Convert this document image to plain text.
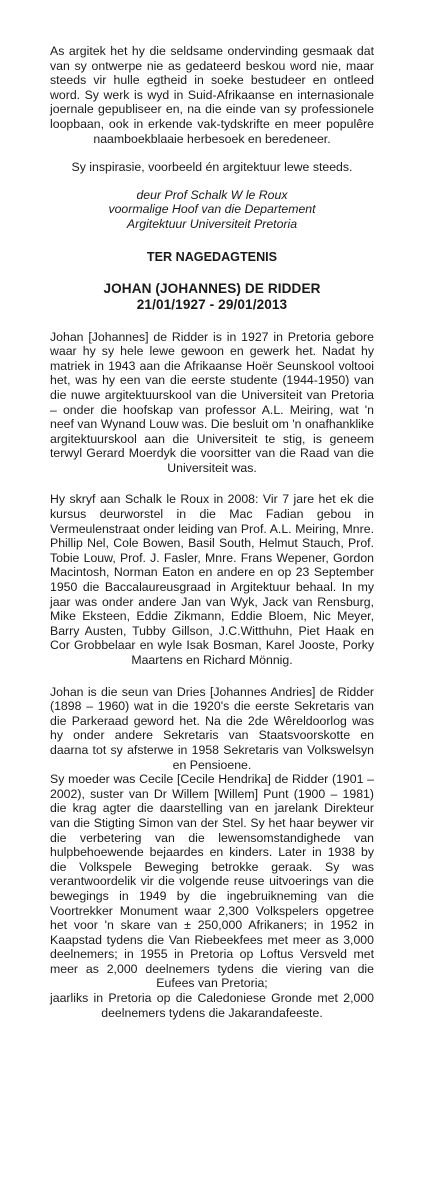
As argitek het hy die seldsame ondervinding gesmaak dat van sy ontwerpe nie as gedateerd beskou word nie, maar steeds vir hulle egtheid in soeke bestudeer en ontleed word. Sy werk is wyd in Suid-Afrikaanse en internasionale joernale gepubliseer en, na die einde van sy professionele loopbaan, ook in erkende vak-tydskrifte en meer populêre naamboekblaaie herbesoek en beredeneer.

Sy inspirasie, voorbeeld én argitektuur lewe steeds.

deur Prof Schalk W le Roux
voormalige Hoof van die Departement
Argitektuur Universiteit Pretoria
TER NAGEDAGTENIS
JOHAN (JOHANNES) DE RIDDER
21/01/1927 - 29/01/2013

Johan [Johannes] de Ridder is in 1927 in Pretoria gebore waar hy sy hele lewe gewoon en gewerk het. Nadat hy matriek in 1943 aan die Afrikaanse Hoër Seunskool voltooi het, was hy een van die eerste studente (1944-1950) van die nuwe argitektuurskool van die Universiteit van Pretoria – onder die hoofskap van professor A.L. Meiring, wat 'n neef van Wynand Louw was. Die besluit om 'n onafhanklike argitektuurskool aan die Universiteit te stig, is geneem terwyl Gerard Moerdyk die voorsitter van die Raad van die Universiteit was.

Hy skryf aan Schalk le Roux in 2008: Vir 7 jare het ek die kursus deurworstel in die Mac Fadian gebou in Vermeulenstraat onder leiding van Prof. A.L. Meiring, Mnre. Phillip Nel, Cole Bowen, Basil South, Helmut Stauch, Prof. Tobie Louw, Prof. J. Fasler, Mnre. Frans Wepener, Gordon Macintosh, Norman Eaton en andere en op 23 September 1950 die Baccalaureusgraad in Argitektuur behaal. In my jaar was onder andere Jan van Wyk, Jack van Rensburg, Mike Eksteen, Eddie Zikmann, Eddie Bloem, Nic Meyer, Barry Austen, Tubby Gillson, J.C.Witthuhn, Piet Haak en Cor Grobbelaar en wyle Isak Bosman, Karel Jooste, Porky Maartens en Richard Mönnig.

Johan is die seun van Dries [Johannes Andries] de Ridder (1898 – 1960) wat in die 1920's die eerste Sekretaris van die Parkeraad geword het. Na die 2de Wêreldoorlog was hy onder andere Sekretaris van Staatsvoorskotte en daarna tot sy afsterwe in 1958 Sekretaris van Volkswelsyn en Pensioene.

Sy moeder was Cecile [Cecile Hendrika] de Ridder (1901 – 2002), suster van Dr Willem [Willem] Punt (1900 – 1981) die krag agter die daarstelling van en jarelank Direkteur van die Stigting Simon van der Stel. Sy het haar beywer vir die verbetering van die lewensomstandighede van hulpbehoewende bejaardes en kinders. Later in 1938 by die Volkspele Beweging betrokke geraak. Sy was verantwoordelik vir die volgende reuse uitvoerings van die bewegings in 1949 by die ingebruikneming van die Voortrekker Monument waar 2,300 Volkspelers opgetree het voor 'n skare van ± 250,000 Afrikaners; in 1952 in Kaapstad tydens die Van Riebeekfees met meer as 3,000 deelnemers; in 1955 in Pretoria op Loftus Versveld met meer as 2,000 deelnemers tydens die viering van die Eufees van Pretoria;

jaarliks in Pretoria op die Caledoniese Gronde met 2,000 deelnemers tydens die Jakarandafeeste.
